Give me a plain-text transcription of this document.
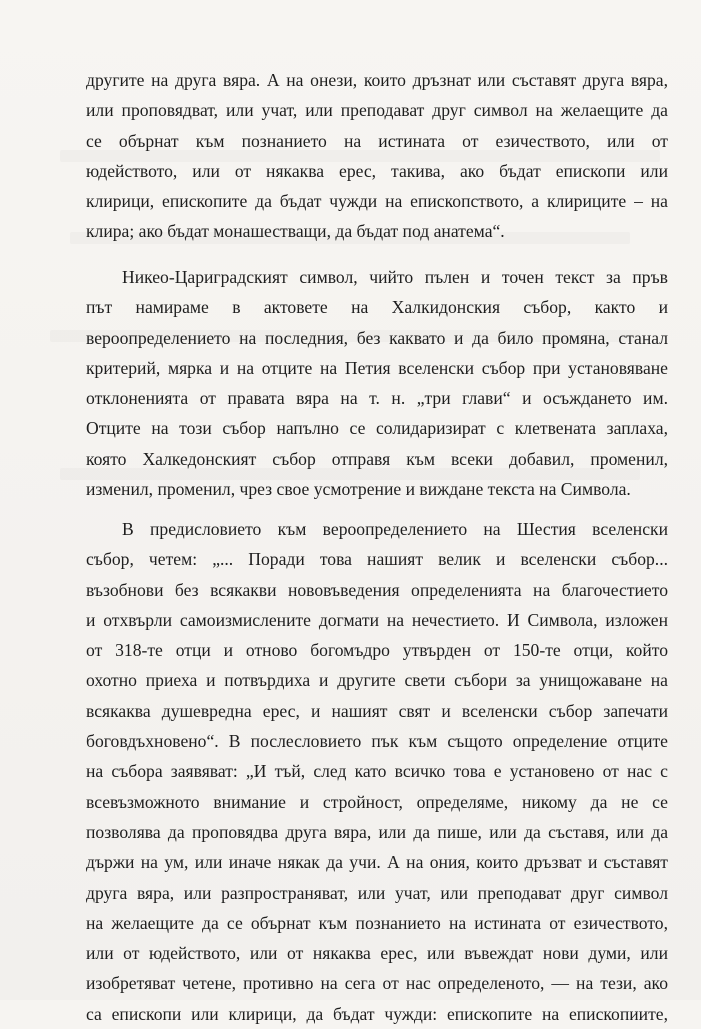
другите на друга вяра. А на онези, които дръзнат или съставят друга вяра,
или проповядват, или учат, или преподават друг символ на желаещите да
се обърнат към познанието на истината от езичеството, или от
юдейството, или от някаква ерес, такива, ако бъдат епископи или
клирици, епископите да бъдат чужди на епископството, а клириците – на
клира; ако бъдат монашестващи, да бъдат под анатема“.
Никео-Цариградският символ, чийто пълен и точен текст за пръв
път намираме в актовете на Халкидонския събор, както и
вероопределението на последния, без каквато и да било промяна, станал
критерий, мярка и на отците на Петия вселенски събор при установяване
отклоненията от правата вяра на т. н. „три глави“ и осъждането им.
Отците на този събор напълно се солидаризират с клетвената заплаха,
която Халкедонският събор отправя към всеки добавил, променил,
изменил, променил, чрез свое усмотрение и виждане текста на Символа.
В предисловието към вероопределението на Шестия вселенски
събор, четем: „... Поради това нашият велик и вселенски събор...
възобнови без всякакви нововъведения определенията на благочестието
и отхвърли самоизмислените догмати на нечестието. И Символа, изложен
от 318-те отци и отново богомъдро утвърден от 150-те отци, който
охотно приеха и потвърдиха и другите свети събори за унищожаване на
всякаква душевредна ерес, и нашият свят и вселенски събор запечати
боговдъхновено“. В послесловието пък към същото определение отците
на събора заявяват: „И тъй, след като всичко това е установено от нас с
всевъзможното внимание и стройност, определяме, никому да не се
позволява да проповядва друга вяра, или да пише, или да съставя, или да
държи на ум, или иначе някак да учи. А на ония, които дръзват и съставят
друга вяра, или разпространяват, или учат, или преподават друг символ
на желаещите да се обърнат към познанието на истината от езичеството,
или от юдейството, или от някаква ерес, или въвеждат нови думи, или
изобретяват четене, противно на сега от нас определеното, — на тези, ако
са епископи или клирици, да бъдат чужди: епископите на епископиите,
